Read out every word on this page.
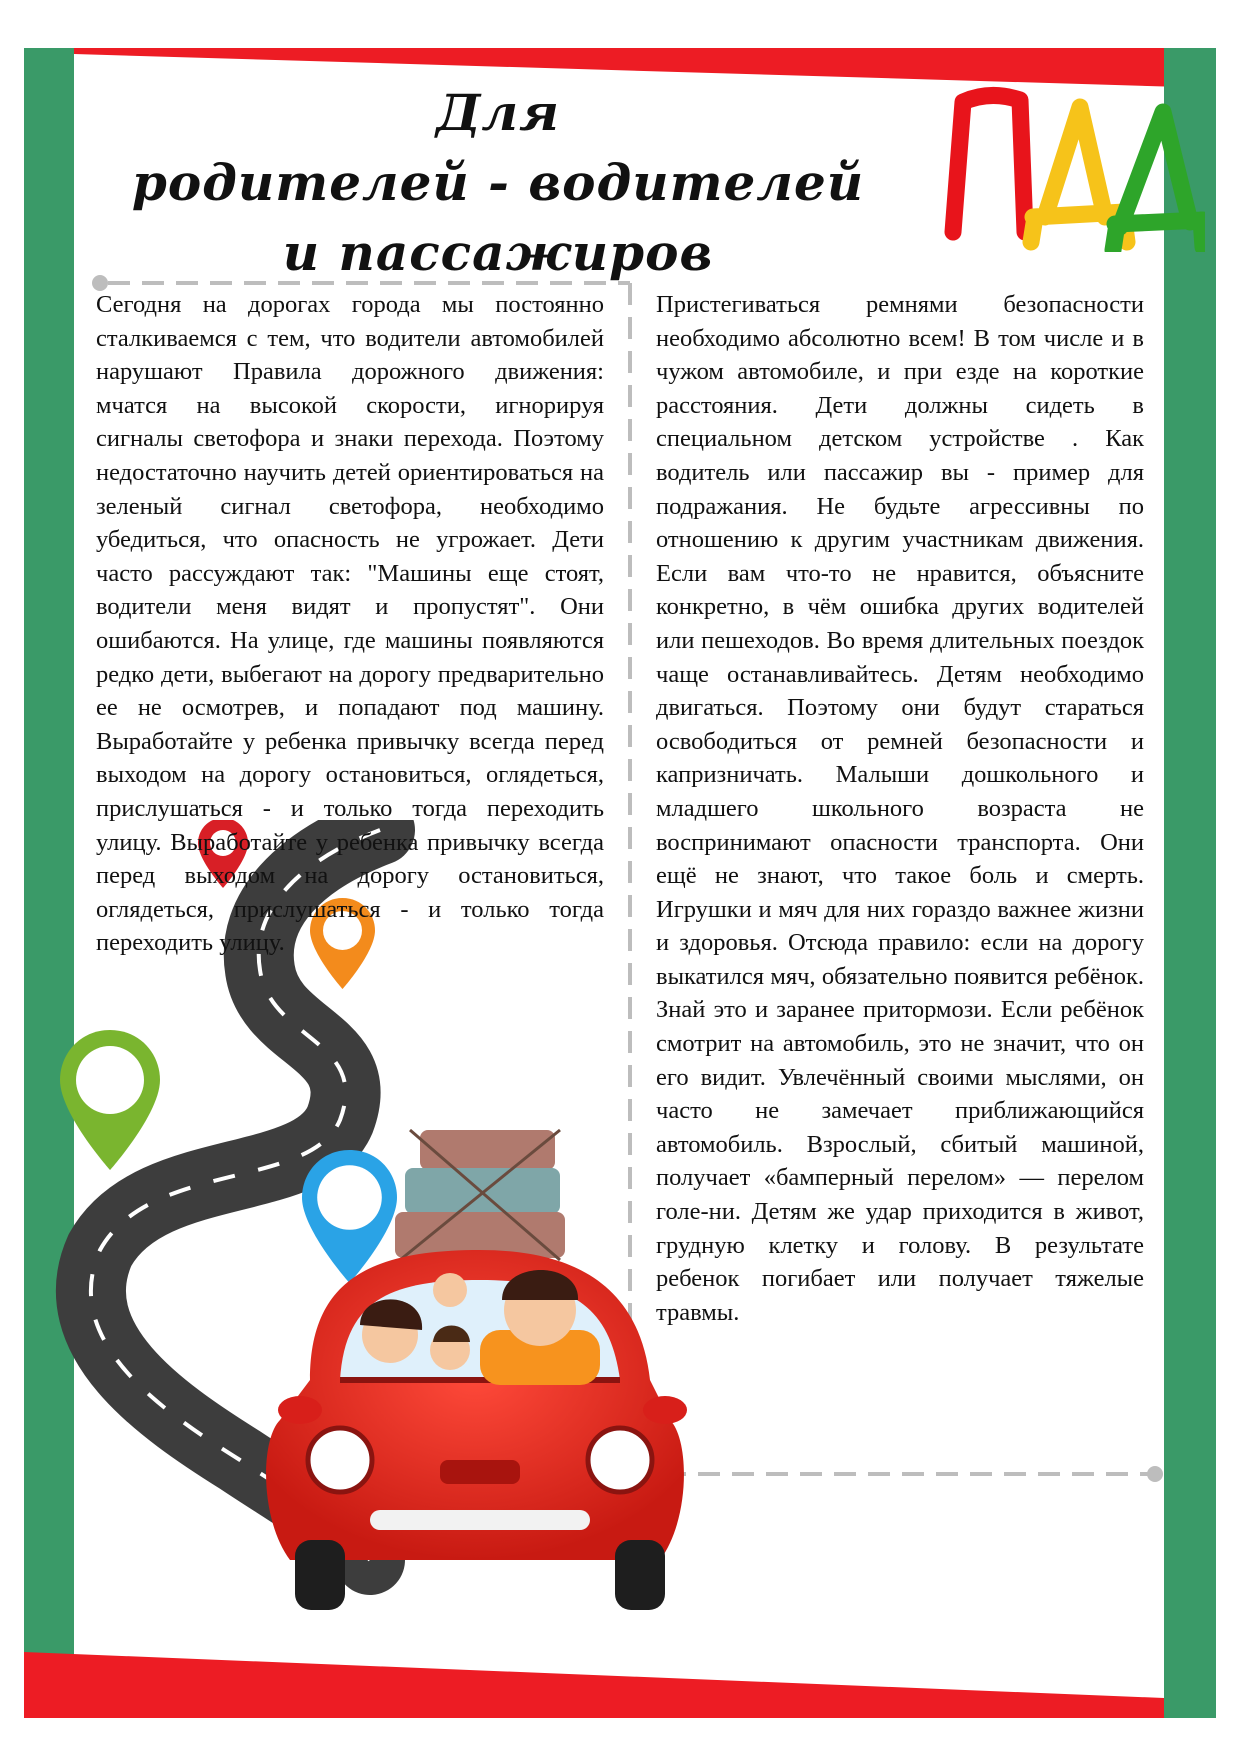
Для
родителей - водителей
и пассажиров

Сегодня на дорогах города мы постоянно сталкиваемся с тем, что водители автомобилей нарушают Правила дорожного движения: мчатся на высокой скорости, игнорируя сигналы светофора и знаки перехода. Поэтому недостаточно научить детей ориентироваться на зеленый сигнал светофора, необходимо убедиться, что опасность не угрожает. Дети часто рассуждают так: "Машины еще стоят, водители меня видят и пропустят". Они ошибаются. На улице, где машины появляются редко дети, выбегают на дорогу предварительно ее не осмотрев, и попадают под машину. Выработайте у ребенка привычку всегда перед выходом на дорогу остановиться, оглядеться, прислушаться - и только тогда переходить улицу. Выработайте у ребенка привычку всегда перед выходом на дорогу остановиться, оглядеться, прислушаться - и только тогда переходить улицу.

Пристегиваться ремнями безопасности необходимо абсолютно всем! В том числе и в чужом автомобиле, и при езде на короткие расстояния. Дети должны сидеть в специальном детском устройстве . Как водитель или пассажир вы - пример для подражания. Не будьте агрессивны по отношению к другим участникам движения. Если вам что-то не нравится, объясните конкретно, в чём ошибка других водителей или пешеходов. Во время длительных поездок чаще останавливайтесь. Детям необходимо двигаться. Поэтому они будут стараться освободиться от ремней безопасности и капризничать. Малыши дошкольного и младшего школьного возраста не воспринимают опасности транспорта. Они ещё не знают, что такое боль и смерть. Игрушки и мяч для них гораздо важнее жизни и здоровья. Отсюда правило: если на дорогу выкатился мяч, обязательно появится ребёнок. Знай это и заранее притормози. Если ребёнок смотрит на автомобиль, это не значит, что он его видит. Увлечённый своими мыслями, он часто не замечает приближающийся автомобиль. Взрослый, сбитый машиной, получает «бамперный перелом» — перелом голе-ни. Детям же удар приходится в живот, грудную клетку и голову. В результате ребенок погибает или получает тяжелые травмы.
